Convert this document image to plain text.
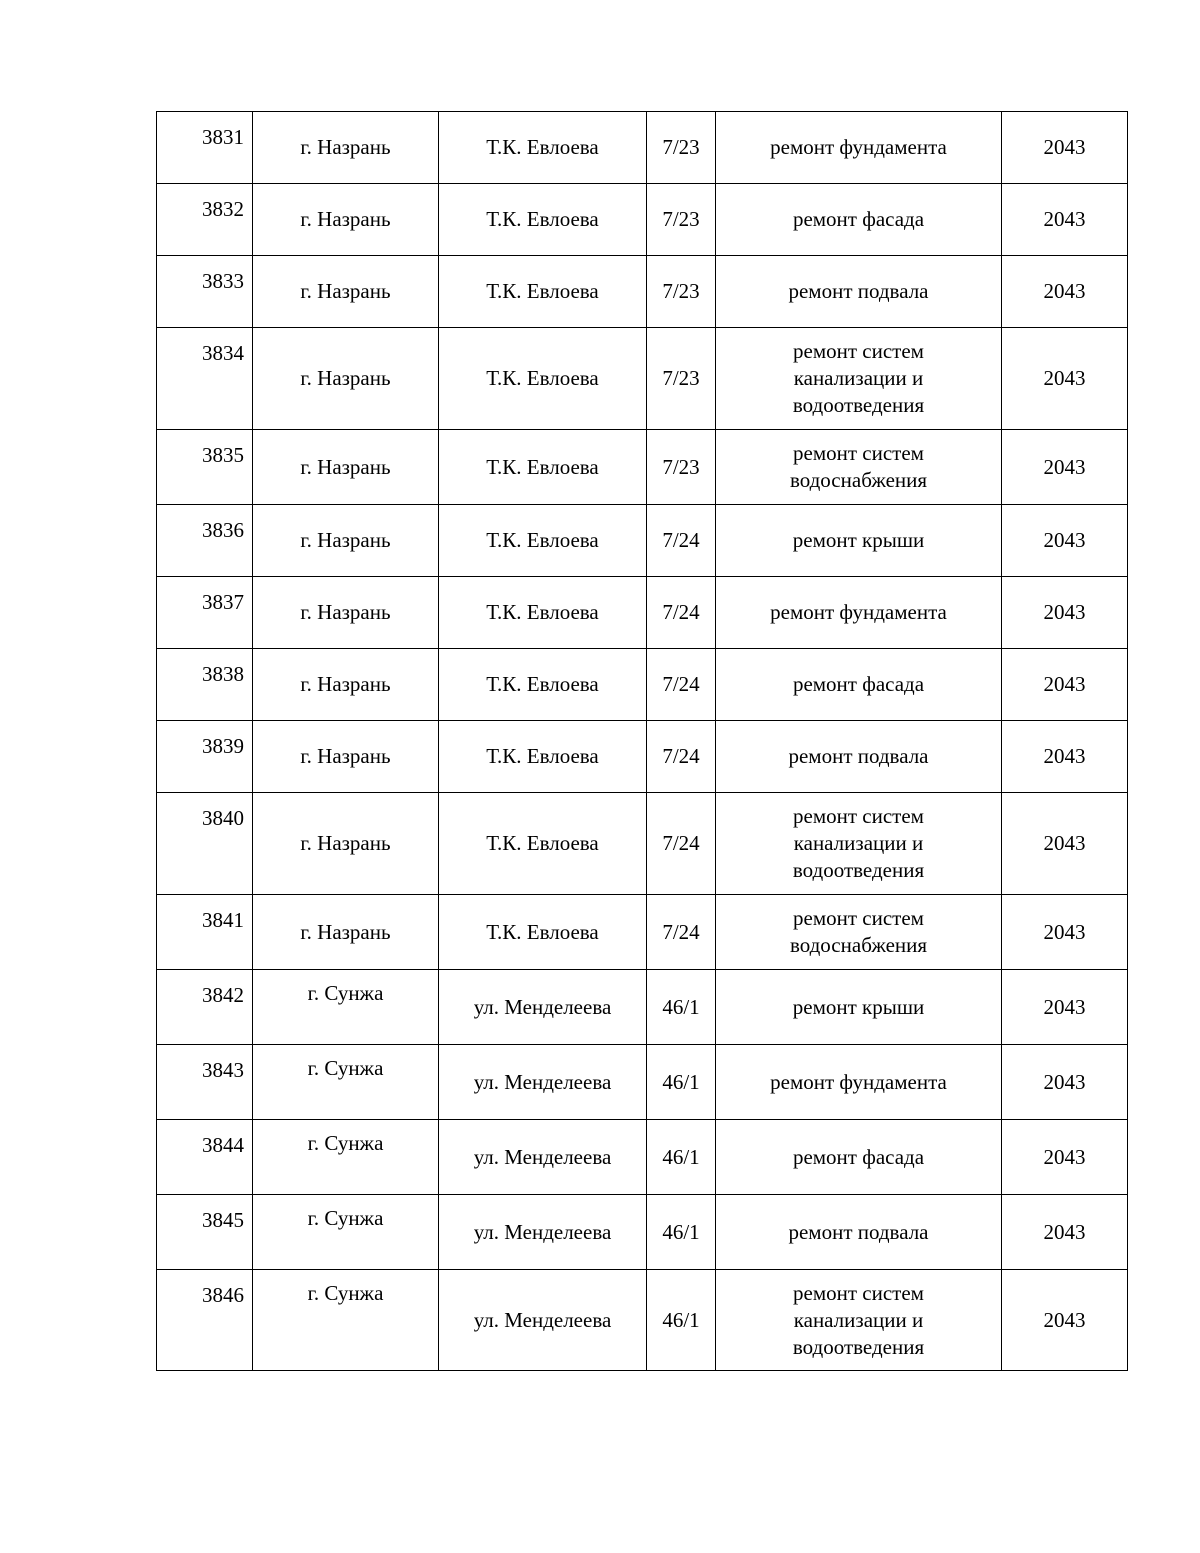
3831	г. Назрань	Т.К. Евлоева	7/23	ремонт фундамента	2043
3832	г. Назрань	Т.К. Евлоева	7/23	ремонт фасада	2043
3833	г. Назрань	Т.К. Евлоева	7/23	ремонт подвала	2043
3834	г. Назрань	Т.К. Евлоева	7/23	ремонт систем
канализации и
водоотведения	2043
3835	г. Назрань	Т.К. Евлоева	7/23	ремонт систем
водоснабжения	2043
3836	г. Назрань	Т.К. Евлоева	7/24	ремонт крыши	2043
3837	г. Назрань	Т.К. Евлоева	7/24	ремонт фундамента	2043
3838	г. Назрань	Т.К. Евлоева	7/24	ремонт фасада	2043
3839	г. Назрань	Т.К. Евлоева	7/24	ремонт подвала	2043
3840	г. Назрань	Т.К. Евлоева	7/24	ремонт систем
канализации и
водоотведения	2043
3841	г. Назрань	Т.К. Евлоева	7/24	ремонт систем
водоснабжения	2043
3842	г. Сунжа	ул. Менделеева	46/1	ремонт крыши	2043
3843	г. Сунжа	ул. Менделеева	46/1	ремонт фундамента	2043
3844	г. Сунжа	ул. Менделеева	46/1	ремонт фасада	2043
3845	г. Сунжа	ул. Менделеева	46/1	ремонт подвала	2043
3846	г. Сунжа	ул. Менделеева	46/1	ремонт систем
канализации и
водоотведения	2043
